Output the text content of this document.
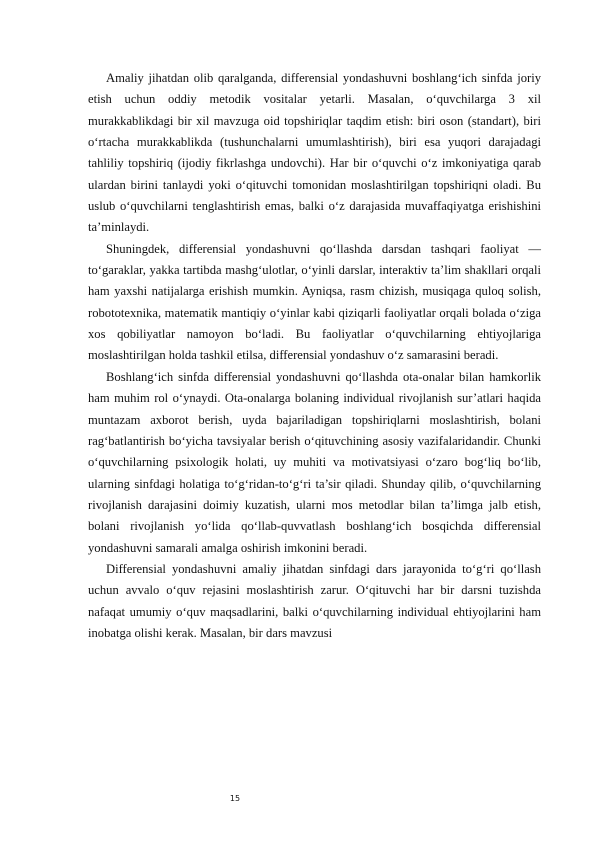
Amaliy jihatdan olib qaralganda, differensial yondashuvni boshlang‘ich sinfda joriy etish uchun oddiy metodik vositalar yetarli. Masalan, o‘quvchilarga 3 xil murakkablikdagi bir xil mavzuga oid topshiriqlar taqdim etish: biri oson (standart), biri o‘rtacha murakkablikda (tushunchalarni umumlashtirish), biri esa yuqori darajadagi tahliliy topshiriq (ijodiy fikrlashga undovchi). Har bir o‘quvchi o‘z imkoniyatiga qarab ulardan birini tanlaydi yoki o‘qituvchi tomonidan moslashtirilgan topshiriqni oladi. Bu uslub o‘quvchilarni tenglashtirish emas, balki o‘z darajasida muvaffaqiyatga erishishini ta’minlaydi.

Shuningdek, differensial yondashuvni qo‘llashda darsdan tashqari faoliyat — to‘garaklar, yakka tartibda mashg‘ulotlar, o‘yinli darslar, interaktiv ta’lim shakllari orqali ham yaxshi natijalarga erishish mumkin. Ayniqsa, rasm chizish, musiqaga quloq solish, robototexnika, matematik mantiqiy o‘yinlar kabi qiziqarli faoliyatlar orqali bolada o‘ziga xos qobiliyatlar namoyon bo‘ladi. Bu faoliyatlar o‘quvchilarning ehtiyojlariga moslashtirilgan holda tashkil etilsa, differensial yondashuv o‘z samarasini beradi.

Boshlang‘ich sinfda differensial yondashuvni qo‘llashda ota-onalar bilan hamkorlik ham muhim rol o‘ynaydi. Ota-onalarga bolaning individual rivojlanish sur’atlari haqida muntazam axborot berish, uyda bajariladigan topshiriqlarni moslashtirish, bolani rag‘batlantirish bo‘yicha tavsiyalar berish o‘qituvchining asosiy vazifalaridandir. Chunki o‘quvchilarning psixologik holati, uy muhiti va motivatsiyasi o‘zaro bog‘liq bo‘lib, ularning sinfdagi holatiga to‘g‘ridan-to‘g‘ri ta’sir qiladi. Shunday qilib, o‘quvchilarning rivojlanish darajasini doimiy kuzatish, ularni mos metodlar bilan ta’limga jalb etish, bolani rivojlanish yo‘lida qo‘llab-quvvatlash boshlang‘ich bosqichda differensial yondashuvni samarali amalga oshirish imkonini beradi.

Differensial yondashuvni amaliy jihatdan sinfdagi dars jarayonida to‘g‘ri qo‘llash uchun avvalo o‘quv rejasini moslashtirish zarur. O‘qituvchi har bir darsni tuzishda nafaqat umumiy o‘quv maqsadlarini, balki o‘quvchilarning individual ehtiyojlarini ham inobatga olishi kerak. Masalan, bir dars mavzusi

15
